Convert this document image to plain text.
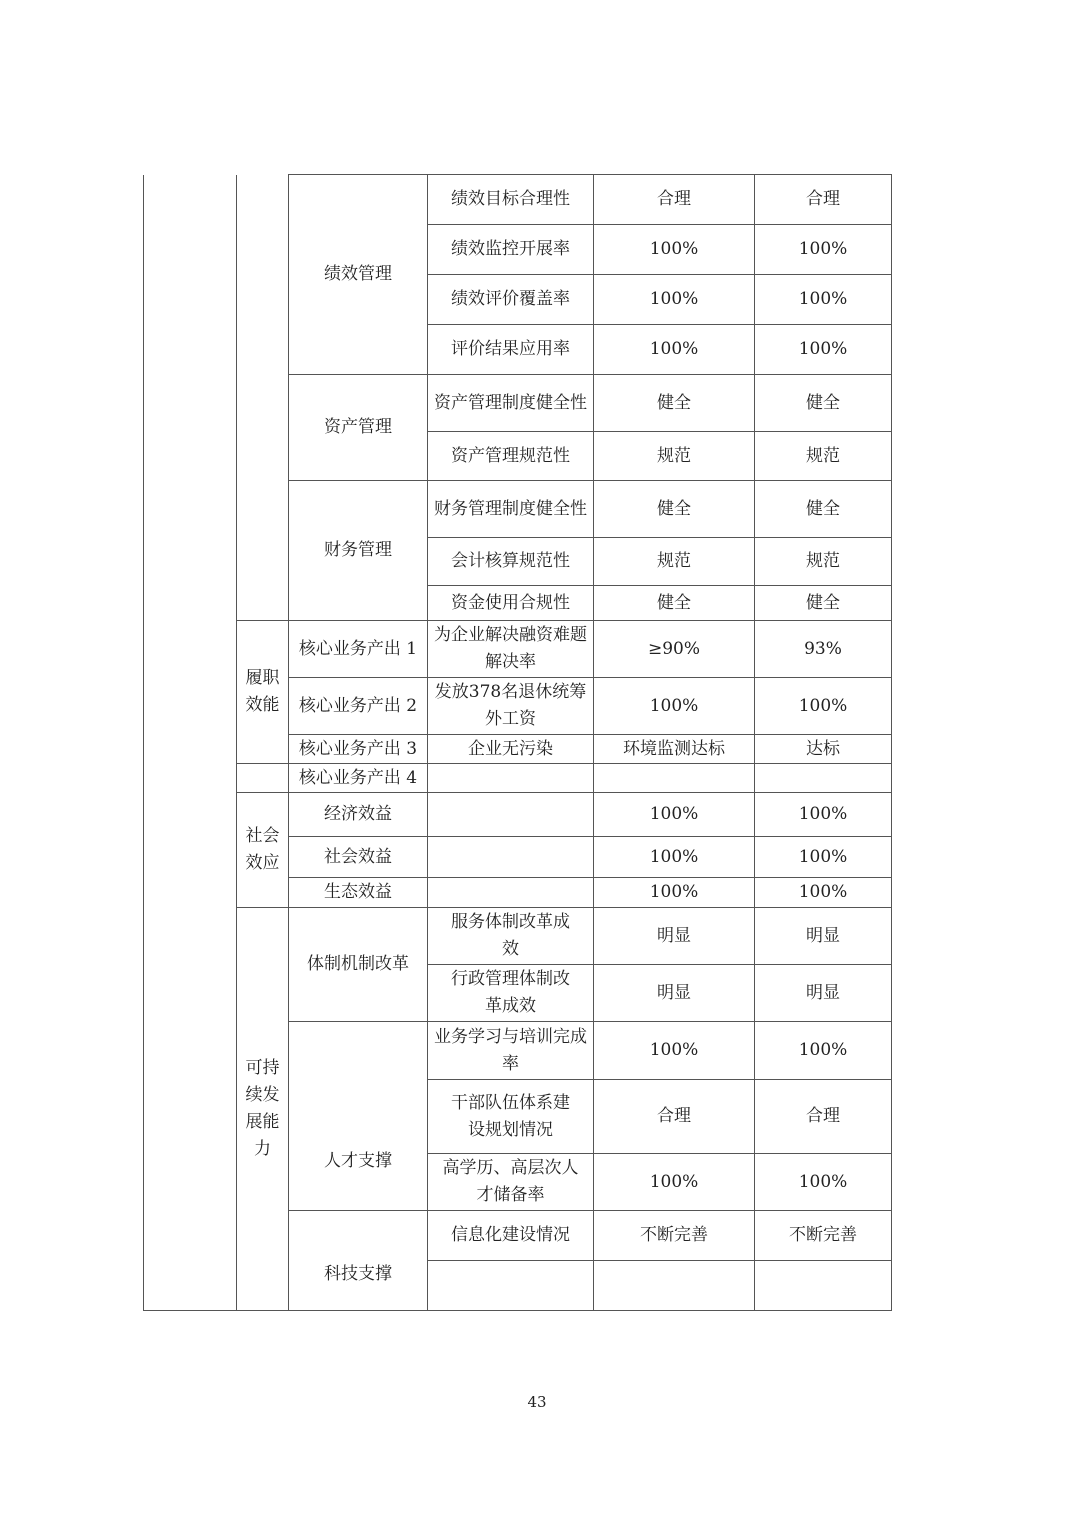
		绩效管理	绩效目标合理性	合理	合理
			绩效监控开展率	100%	100%
			绩效评价覆盖率	100%	100%
			评价结果应用率	100%	100%
		资产管理	资产管理制度健全性	健全	健全
			资产管理规范性	规范	规范
		财务管理	财务管理制度健全性	健全	健全
			会计核算规范性	规范	规范
			资金使用合规性	健全	健全
	履职效能	核心业务产出 1	为企业解决融资难题解决率	≥90%	93%
		核心业务产出 2	发放378名退休统筹外工资	100%	100%
		核心业务产出 3	企业无污染	环境监测达标	达标
		核心业务产出 4			
	社会效应	经济效益		100%	100%
		社会效益		100%	100%
		生态效益		100%	100%
	可持续发展能力	体制机制改革	服务体制改革成效	明显	明显
			行政管理体制改革成效	明显	明显
		人才支撑	业务学习与培训完成率	100%	100%
			干部队伍体系建设规划情况	合理	合理
			高学历、高层次人才储备率	100%	100%
		科技支撑	信息化建设情况	不断完善	不断完善

43
